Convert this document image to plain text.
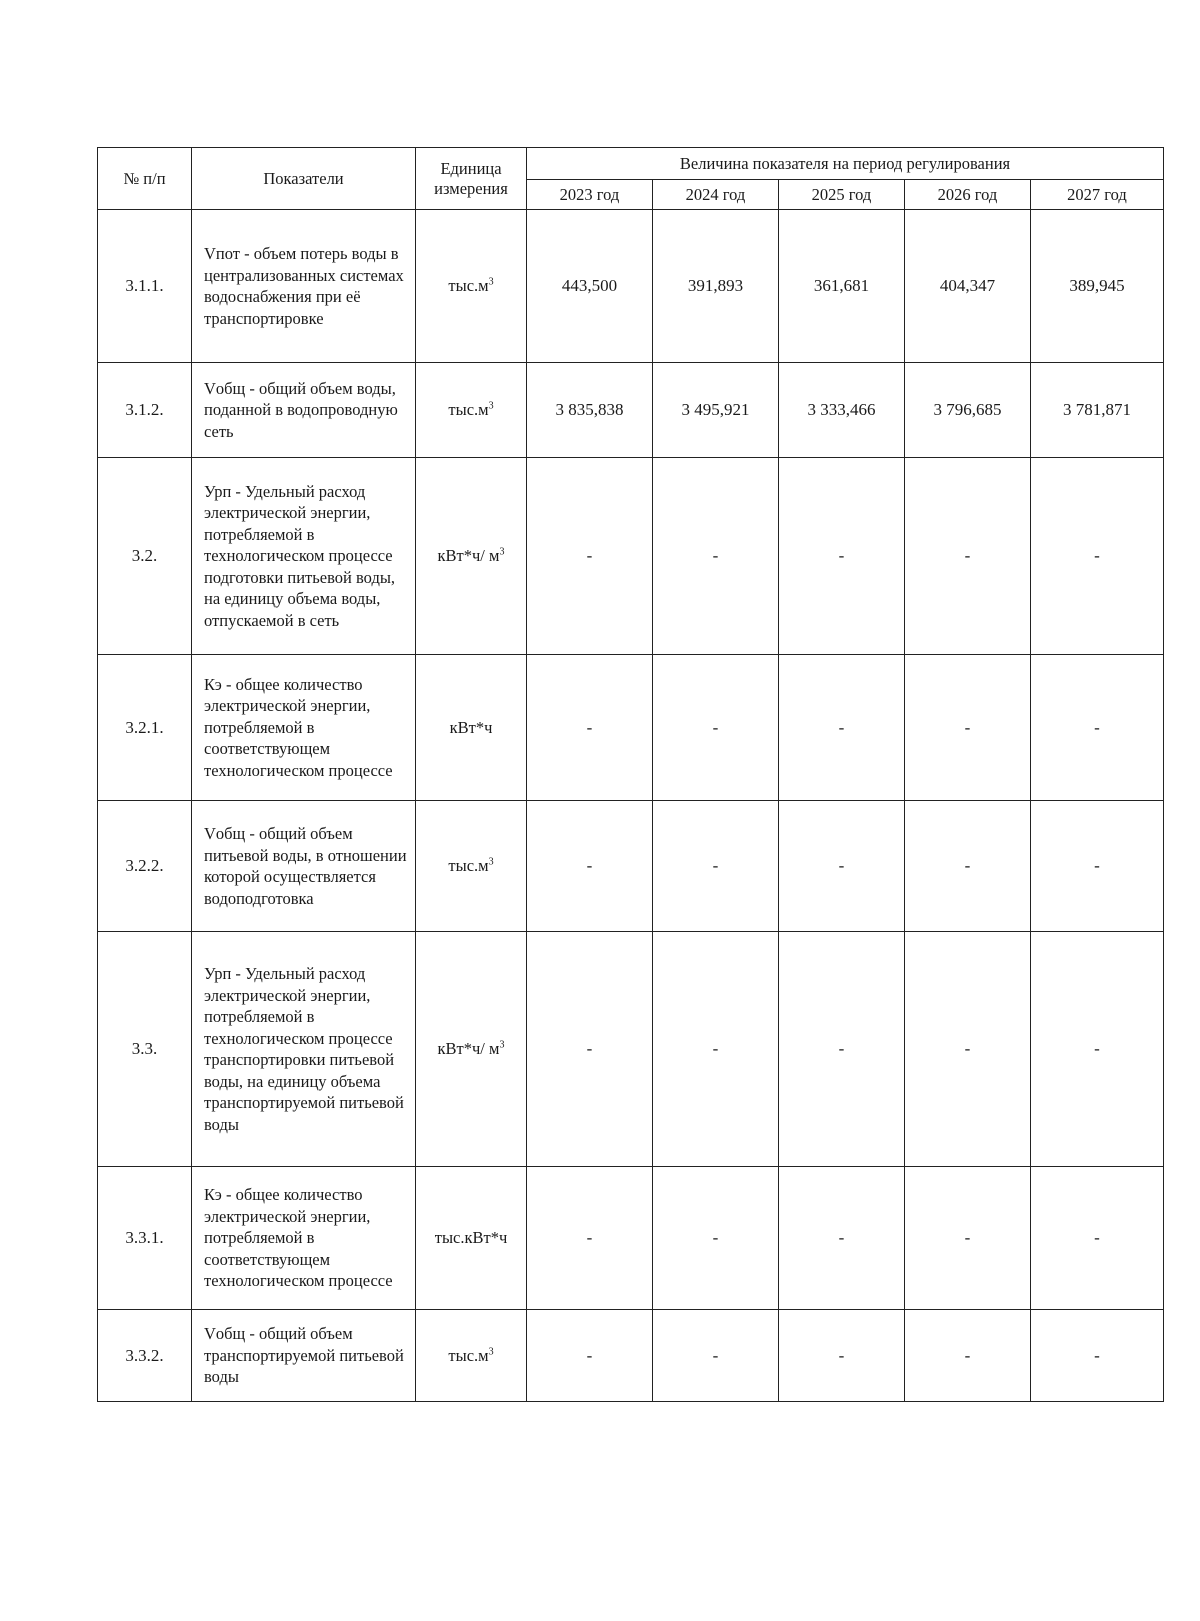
№ п/п	Показатели	Единица измерения	Величина показателя на период регулирования				
			2023 год	2024 год	2025 год	2026 год	2027 год
3.1.1.	Vпот - объем потерь воды в централизованных системах водоснабжения при её транспортировке	$тыс.м^3$	443,500	391,893	361,681	404,347	389,945
3.1.2.	Vобщ - общий объем воды, поданной в водопроводную сеть	$тыс.м^3$	3 835,838	3 495,921	3 333,466	3 796,685	3 781,871
3.2.	Урп - Удельный расход электрической энергии, потребляемой в технологическом процессе подготовки питьевой воды, на единицу объема воды, отпускаемой в сеть	кВт*ч/ $м^3$	-	-	-	-	-
3.2.1.	Кэ - общее количество электрической энергии, потребляемой в соответствующем технологическом процессе	кВт*ч	-	-	-	-	-
3.2.2.	Vобщ - общий объем питьевой воды, в отношении которой осуществляется водоподготовка	$тыс.м^3$	-	-	-	-	-
3.3.	Урп - Удельный расход электрической энергии, потребляемой в технологическом процессе транспортировки питьевой воды, на единицу объема транспортируемой питьевой воды	кВт*ч/ $м^3$	-	-	-	-	-
3.3.1.	Кэ - общее количество электрической энергии, потребляемой в соответствующем технологическом процессе	тыс.кВт*ч	-	-	-	-	-
3.3.2.	Vобщ - общий объем транспортируемой питьевой воды	$тыс.м^3$	-	-	-	-	-
